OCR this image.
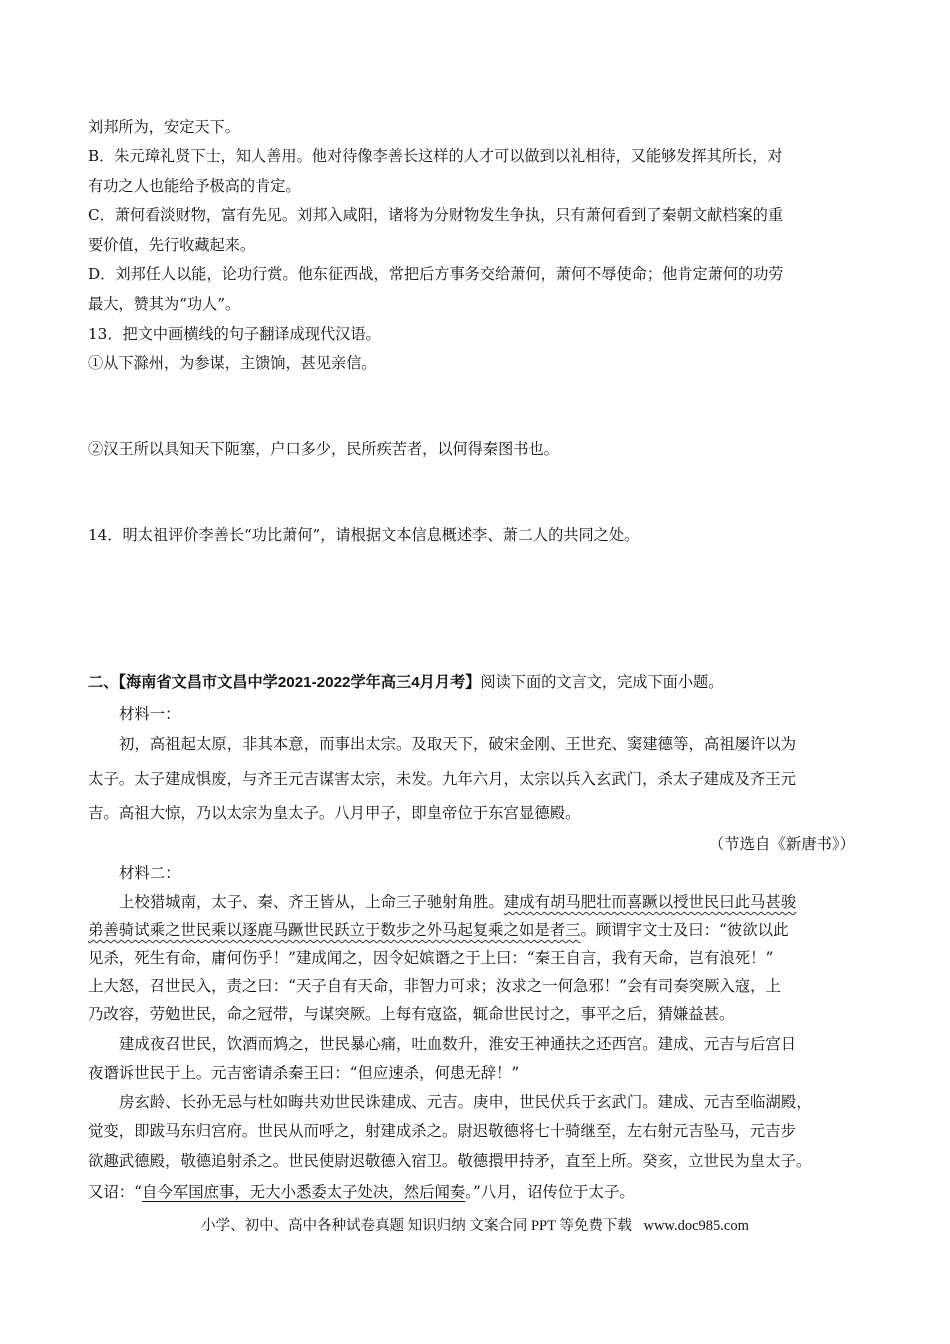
刘邦所为，安定天下。
B．朱元璋礼贤下士，知人善用。他对待像李善长这样的人才可以做到以礼相待，又能够发挥其所长，对
有功之人也能给予极高的肯定。
C．萧何看淡财物，富有先见。刘邦入咸阳，诸将为分财物发生争执，只有萧何看到了秦朝文献档案的重
要价值，先行收藏起来。
D．刘邦任人以能，论功行赏。他东征西战，常把后方事务交给萧何，萧何不辱使命；他肯定萧何的功劳
最大，赞其为“功人”。
13．把文中画横线的句子翻译成现代汉语。
①从下滁州，为参谋，主馈饷，甚见亲信。
②汉王所以具知天下阨塞，户口多少，民所疾苦者，以何得秦图书也。
14．明太祖评价李善长“功比萧何”，请根据文本信息概述李、萧二人的共同之处。
二、【海南省文昌市文昌中学2021-2022学年高三4月月考】阅读下面的文言文，完成下面小题。
材料一：
初，高祖起太原，非其本意，而事出太宗。及取天下，破宋金刚、王世充、窦建德等，高祖屡许以为
太子。太子建成惧废，与齐王元吉谋害太宗，未发。九年六月，太宗以兵入玄武门，杀太子建成及齐王元
吉。高祖大惊，乃以太宗为皇太子。八月甲子，即皇帝位于东宫显德殿。
（节选自《新唐书》）
材料二：
上校猎城南，太子、秦、齐王皆从，上命三子驰射角胜。建成有胡马肥壮而喜蹶以授世民曰此马甚骏
弟善骑试乘之世民乘以逐鹿马蹶世民跃立于数步之外马起复乘之如是者三。顾谓宇文士及曰：“彼欲以此
见杀，死生有命，庸何伤乎！”建成闻之，因令妃嫔谮之于上曰：“秦王自言，我有天命，岂有浪死！”
上大怒，召世民入，责之曰：“天子自有天命，非智力可求；汝求之一何急邪！”会有司奏突厥入寇，上
乃改容，劳勉世民，命之冠带，与谋突厥。上每有寇盗，辄命世民讨之，事平之后，猜嫌益甚。
建成夜召世民，饮酒而鸩之，世民暴心痛，吐血数升，淮安王神通扶之还西宫。建成、元吉与后宫日
夜谮诉世民于上。元吉密请杀秦王曰：“但应速杀，何患无辞！”
房玄龄、长孙无忌与杜如晦共劝世民诛建成、元吉。庚申，世民伏兵于玄武门。建成、元吉至临湖殿，
觉变，即跋马东归宫府。世民从而呼之，射建成杀之。尉迟敬德将七十骑继至，左右射元吉坠马，元吉步
欲趣武德殿，敬德追射杀之。世民使尉迟敬德入宿卫。敬德擐甲持矛，直至上所。癸亥，立世民为皇太子。
又诏：“自今军国庶事，无大小悉委太子处决，然后闻奏。”八月，诏传位于太子。
小学、初中、高中各种试卷真题 知识归纳 文案合同 PPT 等免费下载 www.doc985.com
